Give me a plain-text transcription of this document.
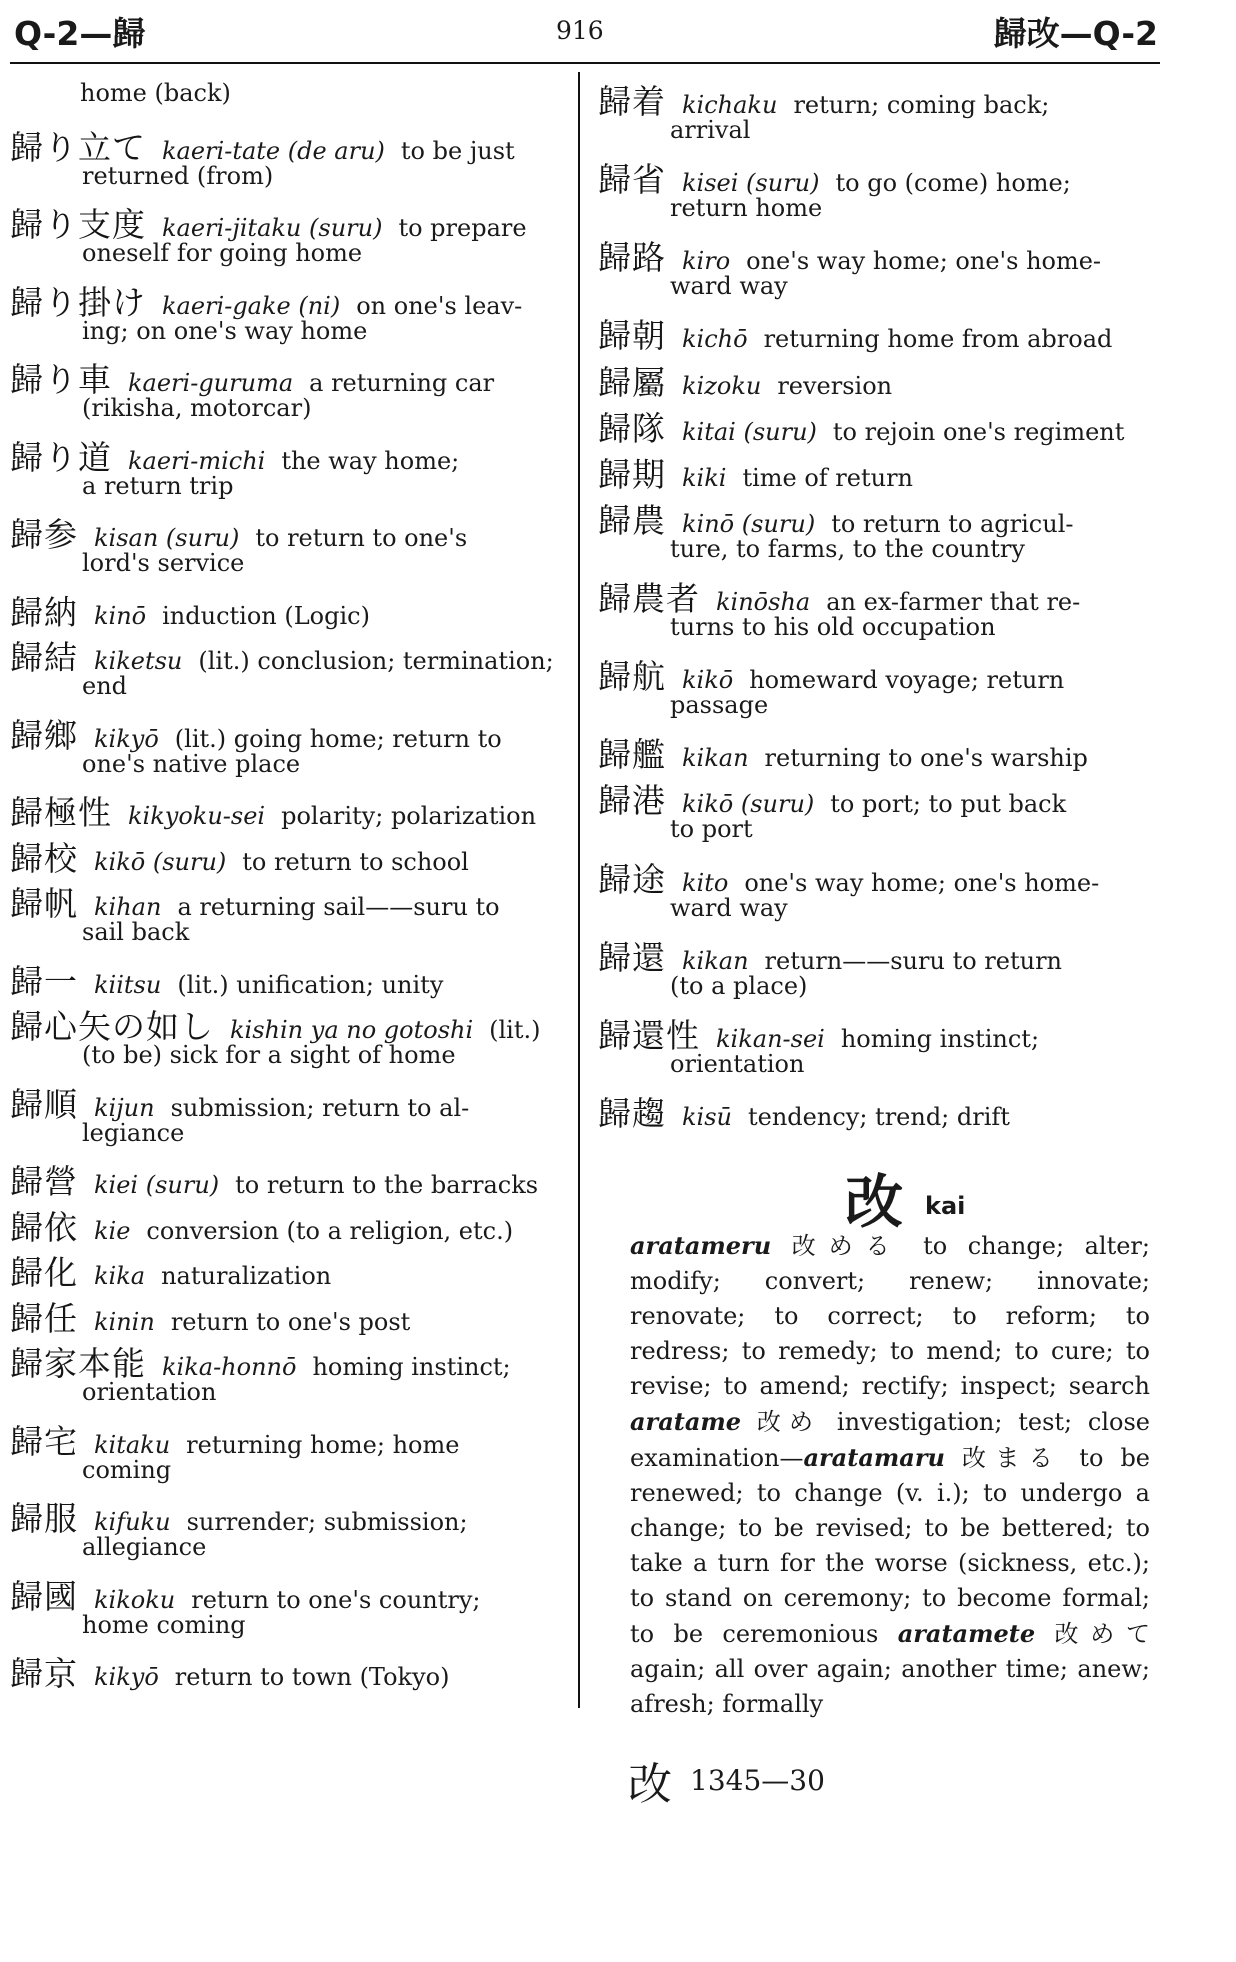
Q-2—歸	916	歸改—Q-2
home (back)
歸り立て kaeri-tate (de aru) to be just
returned (from)
歸り支度 kaeri-jitaku (suru) to prepare
oneself for going home
歸り掛け kaeri-gake (ni) on one's leav-
ing; on one's way home
歸り車 kaeri-guruma a returning car
(rikisha, motorcar)
歸り道 kaeri-michi the way home;
a return trip
歸参 kisan (suru) to return to one's
lord's service
歸納 kinō induction (Logic)
歸結 kiketsu (lit.) conclusion; termination;
end
歸鄉 kikyō (lit.) going home; return to
one's native place
歸極性 kikyoku-sei polarity; polarization
歸校 kikō (suru) to return to school
歸帆 kihan a returning sail——suru to
sail back
歸一 kiitsu (lit.) unification; unity
歸心矢の如し kishin ya no gotoshi (lit.)
(to be) sick for a sight of home
歸順 kijun submission; return to al-
legiance
歸營 kiei (suru) to return to the barracks
歸依 kie conversion (to a religion, etc.)
歸化 kika naturalization
歸任 kinin return to one's post
歸家本能 kika-honnō homing instinct;
orientation
歸宅 kitaku returning home; home
coming
歸服 kifuku surrender; submission;
allegiance
歸國 kikoku return to one's country;
home coming
歸京 kikyō return to town (Tokyo)
歸着 kichaku return; coming back;
arrival
歸省 kisei (suru) to go (come) home;
return home
歸路 kiro one's way home; one's home-
ward way
歸朝 kichō returning home from abroad
歸屬 kizoku reversion
歸隊 kitai (suru) to rejoin one's regiment
歸期 kiki time of return
歸農 kinō (suru) to return to agricul-
ture, to farms, to the country
歸農者 kinōsha an ex-farmer that re-
turns to his old occupation
歸航 kikō homeward voyage; return
passage
歸艦 kikan returning to one's warship
歸港 kikō (suru) to port; to put back
to port
歸途 kito one's way home; one's home-
ward way
歸還 kikan return——suru to return
(to a place)
歸還性 kikan-sei homing instinct;
orientation
歸趨 kisū tendency; trend; drift
改 kai
aratameru 改める to change; alter; modify; convert; renew; innovate; renovate; to correct; to reform; to redress; to remedy; to mend; to cure; to revise; to amend; rectify; inspect; search aratame 改め investigation; test; close examination—aratamaru 改まる to be renewed; to change (v. i.); to undergo a change; to be revised; to be bettered; to take a turn for the worse (sickness, etc.); to stand on ceremony; to become formal; to be ceremonious aratamete 改めて again; all over again; another time; anew; afresh; formally
改 1345—30
